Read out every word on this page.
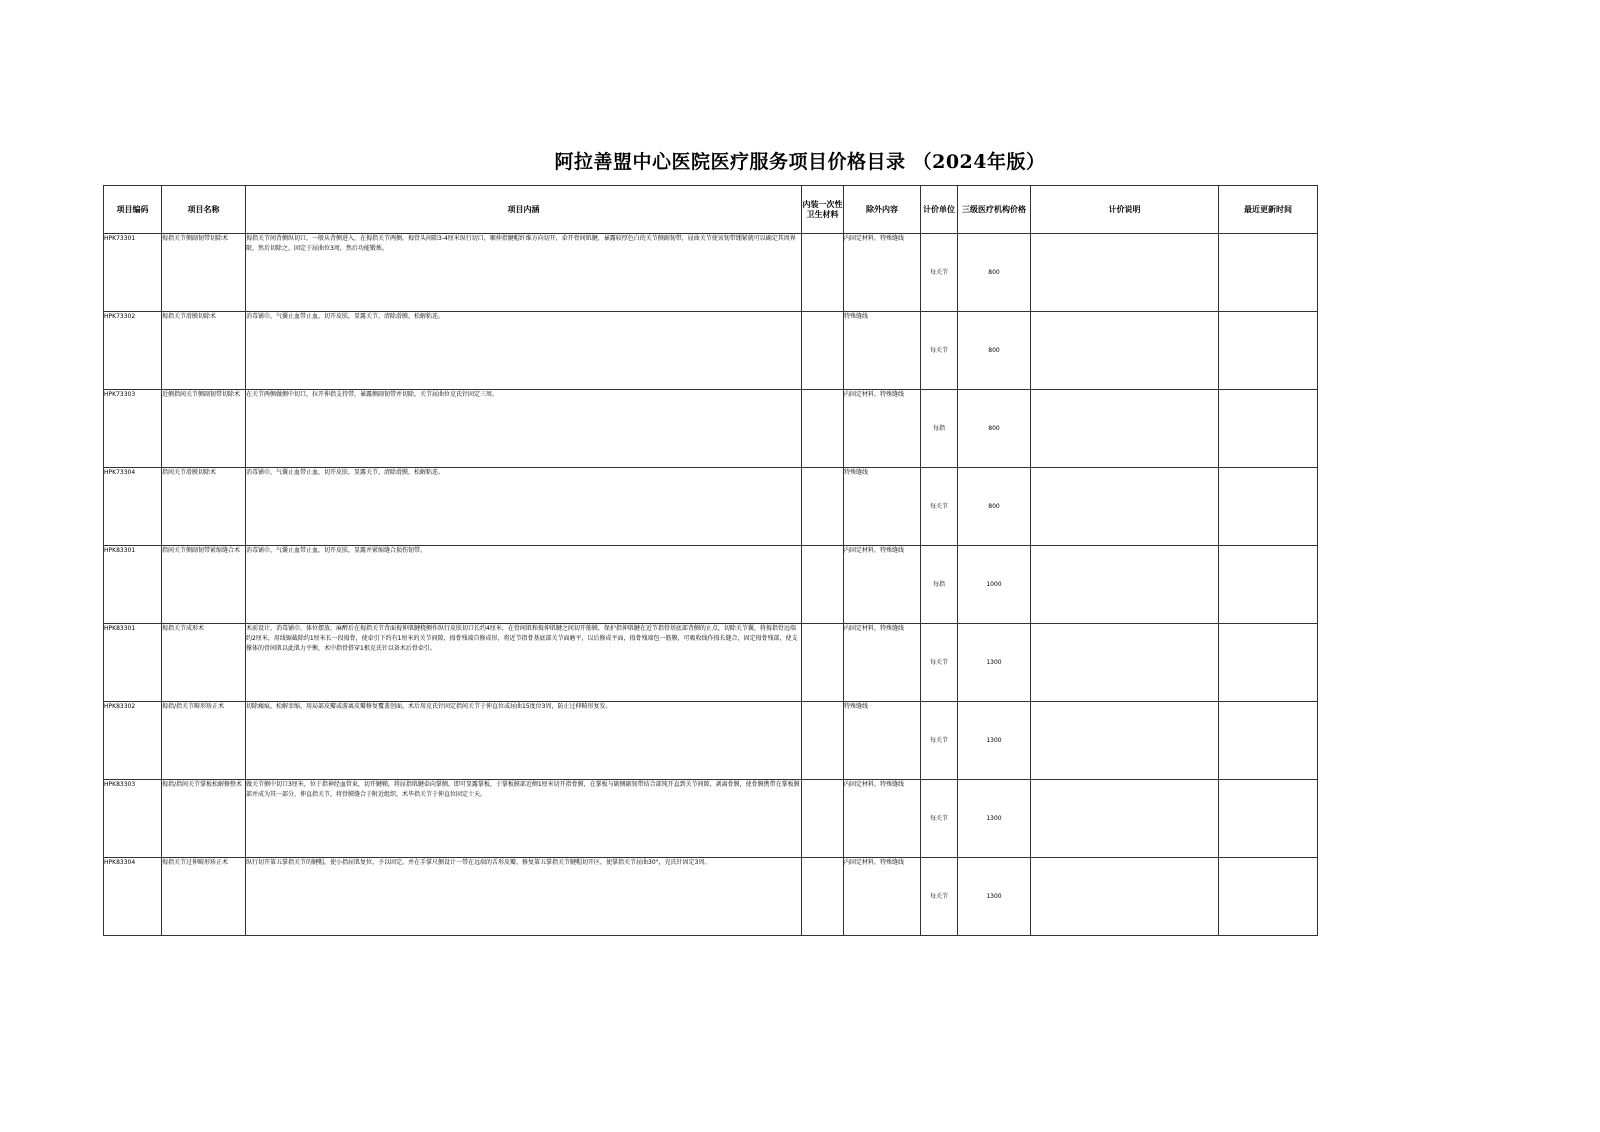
阿拉善盟中心医院医疗服务项目价格目录 （2024年版）
项目编码	项目名称	项目内涵	内装一次性卫生材料	除外内容	计价单位	三级医疗机构价格	计价说明	最近更新时间
HPK73301	拇指关节侧副韧带切除术	拇指关节间背侧纵切口，一般从背侧进入，在拇指关节两侧，拇骨头间隙3-4厘米纵行切口，顺伸指腱帽纤维方向切开，牵开骨间肌腱，暴露较厚色白的关节侧副韧带，屈曲关节使该韧带绷紧就可以确定其周界限，然后切除之，固定于屈曲位3周，然后功能锻炼。		内固定材料，特殊缝线	每关节	800		
HPK73302	拇指关节滑膜切除术	消毒铺巾，气囊止血带止血，切开皮肤，显露关节，清除滑膜，松解粘连。		特殊缝线	每关节	800		
HPK73303	近侧指间关节侧副韧带切除术	在关节两侧做侧中切口，拉开伸指支持带，暴露侧副韧带并切除，关节屈曲位克氏针固定三周。		内固定材料，特殊缝线	每指	800		
HPK73304	指间关节滑膜切除术	消毒铺巾，气囊止血带止血，切开皮肤，显露关节，清除滑膜，松解粘连。		特殊缝线	每关节	800		
HPK83301	指间关节侧副韧带紧缩缝合术	消毒铺巾，气囊止血带止血，切开皮肤，显露并紧缩缝合损伤韧带。		内固定材料，特殊缝线	每指	1000		
HPK83301	拇指关节成形术	术前设计，消毒铺巾，体位摆放，麻醉后在拇指关节背面拇伸肌腱桡侧作纵行皮肤切口长约4厘米，在骨间肌和拇伸肌腱之间切开筋膜，保护指伸肌腱在近节指骨基底部背侧的止点，切除关节囊，将拇指骨远端约2厘米，用线锯截除约1厘米长一段拇骨，使牵引下约有1厘米的关节间隙，拇骨残端自修成形，将近节指骨基底部关节面磨平，以后修成平面，拇骨残端包一筋膜，可吸收线作拇长缝合，固定拇骨残部，使支撑体的骨间肌以此肌力平衡，术中指骨搭穿1根克氏针以备术后骨牵引。		内固定材料，特殊缝线	每关节	1300		
HPK83302	拇指/指关节畸形矫正术	切除瘢痕，松解挛缩，用局部皮瓣或游离皮瓣修复覆盖创面，术后用克氏针固定指间关节于伸直位或屈曲15度位3周，防止过伸畸形复发。		特殊缝线	每关节	1300		
HPK83303	拇指/指间关节掌板松解修整术	做关节侧中切口3厘米，位于指神经血管束，切开腱鞘，将屈指肌腱牵向掌侧，即可显露掌板，于掌板膜部近侧1厘米切开指骨膜，在掌板与副侧副韧带结合部钝开直到关节间隙，剥离骨膜，使骨膜携带在掌板膜部并成为其一部分，伸直指关节，将骨膜缝合于附近组织，术毕指关节于伸直位固定十天。		内固定材料，特殊缝线	每关节	1300		
HPK83304	拇指关节过伸畸形矫正术	纵行切开第五掌指关节的腱帽，使小指屈肌复位，予以固定，并在手掌尺侧设计一带在远端的舌形皮瓣，修复第五掌指关节腱帽切开区，使掌指关节屈曲30°，克氏针固定3周。		内固定材料，特殊缝线	每关节	1300		
